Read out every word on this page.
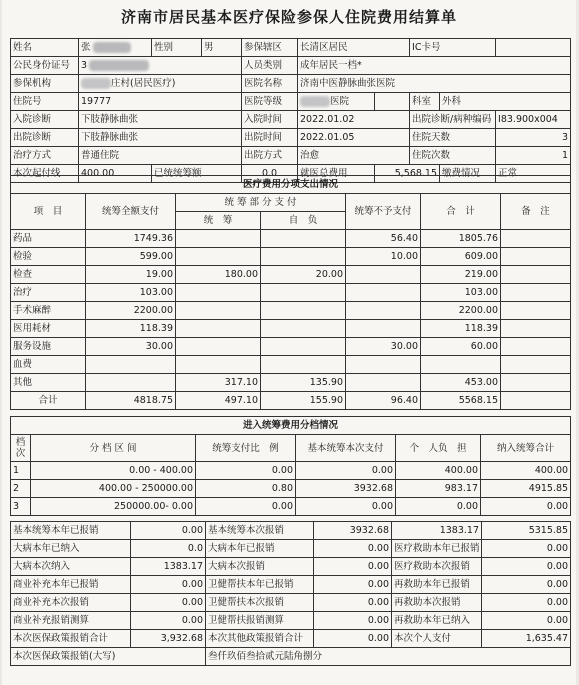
济南市居民基本医疗保险参保人住院费用结算单
姓名	张	性别	男	参保辖区	长清区居民		IC卡号		
公民身份证号	3			人员类别	成年居民一档*				
参保机构	庄村(居民医疗)			医院名称	济南中医静脉曲张医院				
住院号	19777			医院等级	医院		科室	外科	
入院诊断	下肢静脉曲张			入院时间	2022.01.02		出院诊断/病种编码		I83.900x004
出院诊断	下肢静脉曲张			出院时间	2022.01.05		住院天数		3
治疗方式	普通住院			出院方式	治愈		住院次数		1
本次起付线	400.00	已统统筹额		0.0	就医总费用	5,568.15		缴费情况	正常
医疗费用分项支出情况						
项　目	统筹全额支付	统 筹 部 分 支 付		统筹不予支付	合　计	备　注
		统　筹	自　负			
药品	1749.36			56.40	1805.76	
检验	599.00			10.00	609.00	
检查	19.00	180.00	20.00		219.00	
治疗	103.00				103.00	
手术麻醉	2200.00				2200.00	
医用耗材	118.39				118.39	
服务设施	30.00			30.00	60.00	
血费						
其他		317.10	135.90		453.00	
合计	4818.75	497.10	155.90	96.40	5568.15	
进入统筹费用分档情况					
档次	分 档 区 间	统筹支付比　例	基本统筹本次支付	个　人负　担	纳入统筹合计
1	0.00 - 400.00	0.00	0.00	400.00	400.00
2	400.00 - 250000.00	0.80	3932.68	983.17	4915.85
3	250000.00- 0.00	0.00	0.00	0.00	0.00
基本统筹本年已报销	0.00	基本统筹本次报销	3932.68	1383.17	5315.85
大病本年已纳入	0.0	大病本年已报销	0.00	医疗救助本年已报销	0.00
大病本次纳入	1383.17	大病本次报销	0.00	医疗救助本次报销	0.00
商业补充本年已报销	0.00	卫健帮扶本年已报销	0.00	再救助本年已报销	0.00
商业补充本次报销	0.00	卫健帮扶本次报销	0.00	再救助本次报销	0.00
商业补充报销测算	0.00	卫健帮扶报销测算	0.00	再救助本年已纳入	0.00
本次医保政策报销合计	3,932.68	本次其他政策报销合计	0.00	本次个人支付	1,635.47
本次医保政策报销(大写)		叁仟玖佰叁拾贰元陆角捌分			
